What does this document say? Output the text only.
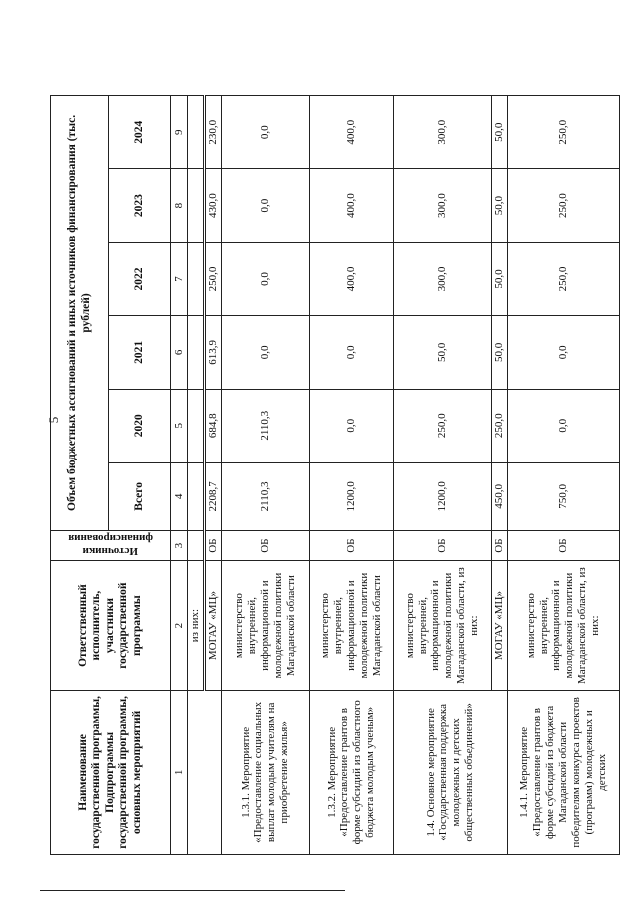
5
Наименование государственной программы, Подпрограммы государственной программы, основных мероприятий	Ответственный исполнитель, участники государственной программы	Источники финансирования	Объем бюджетных ассигнований и иных источников финансирования (тыс. рублей)					
			Всего	2020	2021	2022	2023	2024
1	2	3	4	5	6	7	8	9
	из них:							
	МОГАУ «МЦ»	ОБ	2208,7	684,8	613,9	250,0	430,0	230,0
1.3.1. Мероприятие «Предоставление социальных выплат молодым учителям на приобретение жилья»	министерство внутренней, информационной и молодежной политики Магаданской области	ОБ	2110,3	2110,3	0,0	0,0	0,0	0,0
1.3.2. Мероприятие «Предоставление грантов в форме субсидий из областного бюджета молодым ученым»	министерство внутренней, информационной и молодежной политики Магаданской области	ОБ	1200,0	0,0	0,0	400,0	400,0	400,0
1.4. Основное мероприятие «Государственная поддержка молодежных и детских общественных объединений»	министерство внутренней, информационной и молодежной политики Магаданской области, из них:	ОБ	1200,0	250,0	50,0	300,0	300,0	300,0
	МОГАУ «МЦ»	ОБ	450,0	250,0	50,0	50,0	50,0	50,0
1.4.1. Мероприятие «Предоставление грантов в форме субсидий из бюджета Магаданской области победителям конкурса проектов (программ) молодежных и детских	министерство внутренней, информационной и молодежной политики Магаданской области, из них:	ОБ	750,0	0,0	0,0	250,0	250,0	250,0
